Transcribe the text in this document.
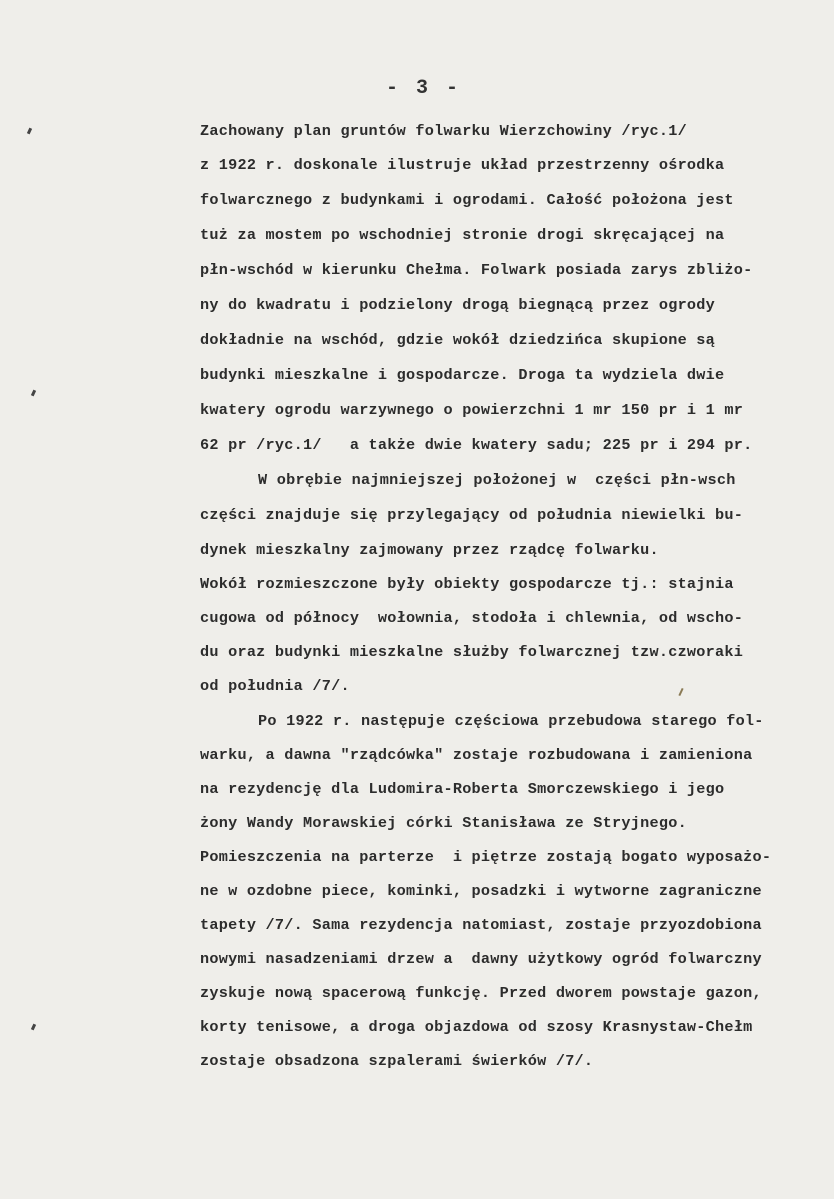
- 3 -
Zachowany plan gruntów folwarku Wierzchowiny /ryc.1/
z 1922 r. doskonale ilustruje układ przestrzenny ośrodka
folwarcznego z budynkami i ogrodami. Całość położona jest
tuż za mostem po wschodniej stronie drogi skręcającej na
płn-wschód w kierunku Chełma. Folwark posiada zarys zbliżo-
ny do kwadratu i podzielony drogą biegnącą przez ogrody
dokładnie na wschód, gdzie wokół dziedzińca skupione są
budynki mieszkalne i gospodarcze. Droga ta wydziela dwie
kwatery ogrodu warzywnego o powierzchni 1 mr 150 pr i 1 mr
62 pr /ryc.1/   a także dwie kwatery sadu; 225 pr i 294 pr.
W obrębie najmniejszej położonej w  części płn-wsch
części znajduje się przylegający od południa niewielki bu-
dynek mieszkalny zajmowany przez rządcę folwarku.
Wokół rozmieszczone były obiekty gospodarcze tj.: stajnia
cugowa od północy  wołownia, stodoła i chlewnia, od wscho-
du oraz budynki mieszkalne służby folwarcznej tzw.czworaki
od południa /7/.
Po 1922 r. następuje częściowa przebudowa starego fol-
warku, a dawna "rządcówka" zostaje rozbudowana i zamieniona
na rezydencję dla Ludomira-Roberta Smorczewskiego i jego
żony Wandy Morawskiej córki Stanisława ze Stryjnego.
Pomieszczenia na parterze  i piętrze zostają bogato wyposażo-
ne w ozdobne piece, kominki, posadzki i wytworne zagraniczne
tapety /7/. Sama rezydencja natomiast, zostaje przyozdobiona
nowymi nasadzeniami drzew a  dawny użytkowy ogród folwarczny
zyskuje nową spacerową funkcję. Przed dworem powstaje gazon,
korty tenisowe, a droga objazdowa od szosy Krasnystaw-Chełm
zostaje obsadzona szpalerami świerków /7/.
